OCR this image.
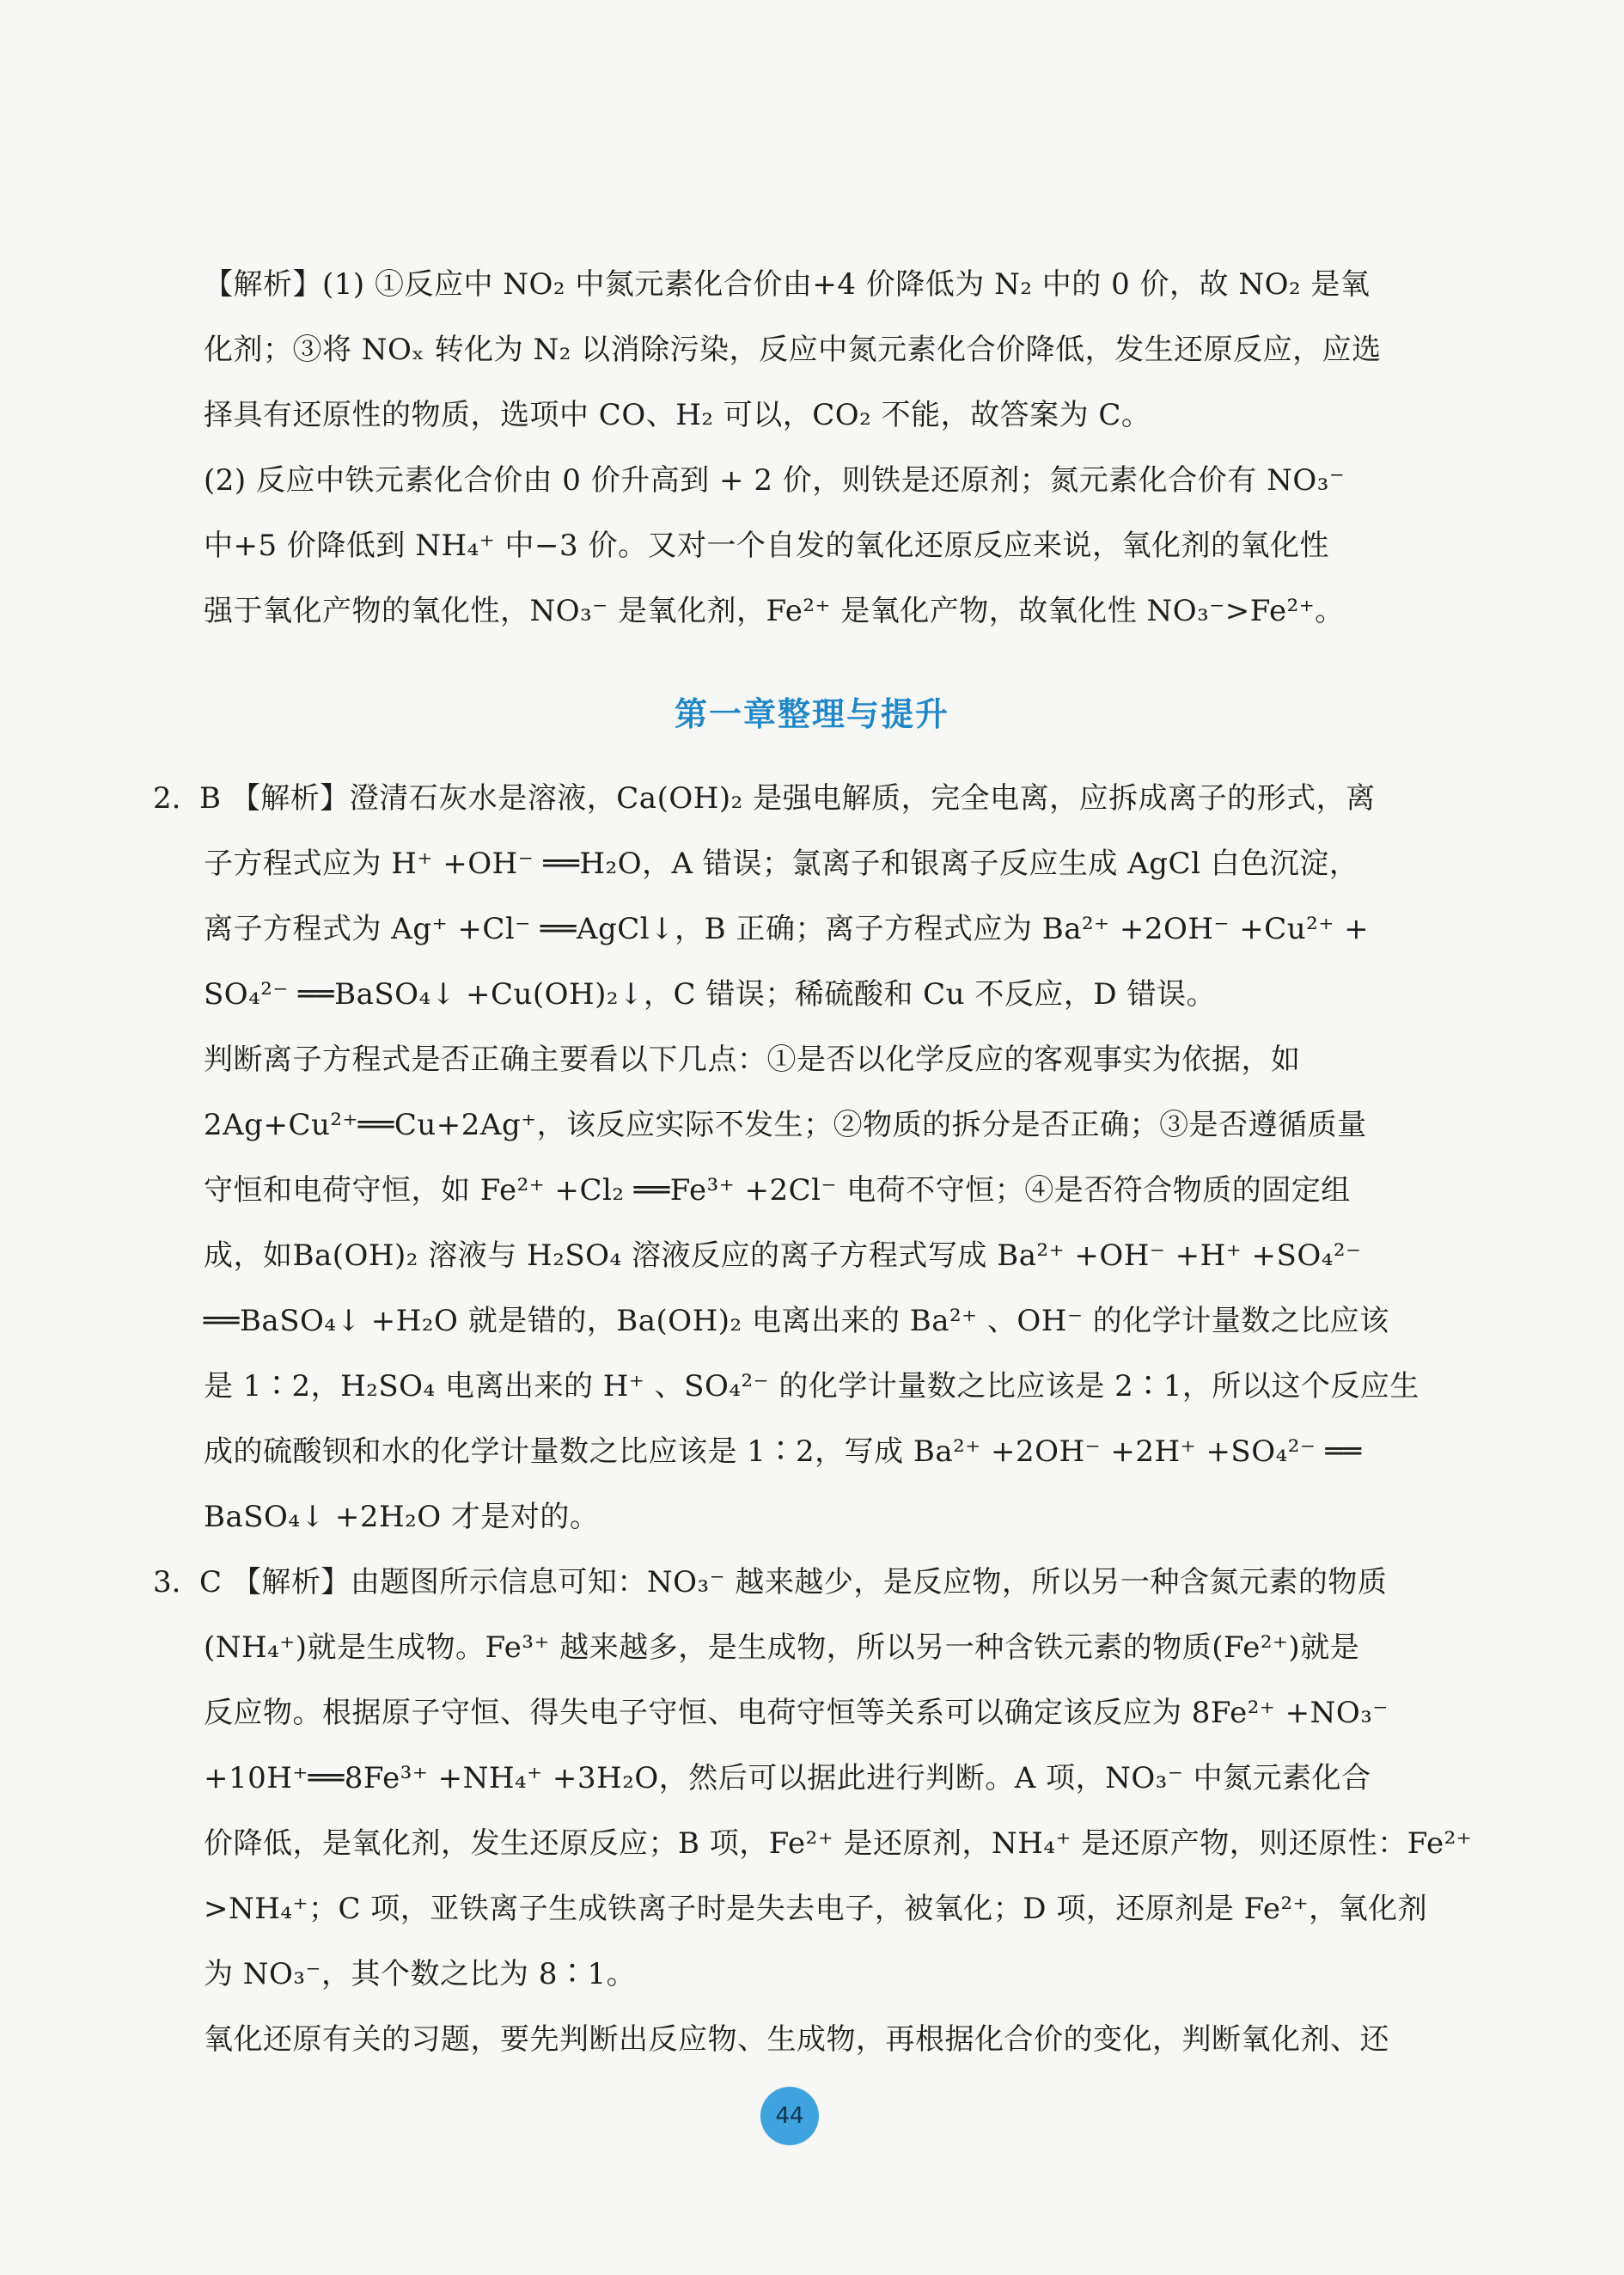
【解析】(1) ①反应中 NO₂ 中氮元素化合价由+4 价降低为 N₂ 中的 0 价，故 NO₂ 是氧
化剂；③将 NOₓ 转化为 N₂ 以消除污染，反应中氮元素化合价降低，发生还原反应，应选
择具有还原性的物质，选项中 CO、H₂ 可以，CO₂ 不能，故答案为 C。
(2) 反应中铁元素化合价由 0 价升高到 + 2 价，则铁是还原剂；氮元素化合价有 NO₃⁻
中+5 价降低到 NH₄⁺ 中−3 价。又对一个自发的氧化还原反应来说，氧化剂的氧化性
强于氧化产物的氧化性，NO₃⁻ 是氧化剂，Fe²⁺ 是氧化产物，故氧化性 NO₃⁻>Fe²⁺。
第一章整理与提升
2. B 【解析】澄清石灰水是溶液，Ca(OH)₂ 是强电解质，完全电离，应拆成离子的形式，离
子方程式应为 H⁺ +OH⁻ ══H₂O，A 错误；氯离子和银离子反应生成 AgCl 白色沉淀，
离子方程式为 Ag⁺ +Cl⁻ ══AgCl↓，B 正确；离子方程式应为 Ba²⁺ +2OH⁻ +Cu²⁺ +
SO₄²⁻ ══BaSO₄↓ +Cu(OH)₂↓，C 错误；稀硫酸和 Cu 不反应，D 错误。
判断离子方程式是否正确主要看以下几点：①是否以化学反应的客观事实为依据，如
2Ag+Cu²⁺══Cu+2Ag⁺，该反应实际不发生；②物质的拆分是否正确；③是否遵循质量
守恒和电荷守恒，如 Fe²⁺ +Cl₂ ══Fe³⁺ +2Cl⁻ 电荷不守恒；④是否符合物质的固定组
成，如Ba(OH)₂ 溶液与 H₂SO₄ 溶液反应的离子方程式写成 Ba²⁺ +OH⁻ +H⁺ +SO₄²⁻
══BaSO₄↓ +H₂O 就是错的，Ba(OH)₂ 电离出来的 Ba²⁺ 、OH⁻ 的化学计量数之比应该
是 1∶2，H₂SO₄ 电离出来的 H⁺ 、SO₄²⁻ 的化学计量数之比应该是 2∶1，所以这个反应生
成的硫酸钡和水的化学计量数之比应该是 1∶2，写成 Ba²⁺ +2OH⁻ +2H⁺ +SO₄²⁻ ══
BaSO₄↓ +2H₂O 才是对的。
3. C 【解析】由题图所示信息可知：NO₃⁻ 越来越少，是反应物，所以另一种含氮元素的物质
(NH₄⁺)就是生成物。Fe³⁺ 越来越多，是生成物，所以另一种含铁元素的物质(Fe²⁺)就是
反应物。根据原子守恒、得失电子守恒、电荷守恒等关系可以确定该反应为 8Fe²⁺ +NO₃⁻
+10H⁺══8Fe³⁺ +NH₄⁺ +3H₂O，然后可以据此进行判断。A 项，NO₃⁻ 中氮元素化合
价降低，是氧化剂，发生还原反应；B 项，Fe²⁺ 是还原剂，NH₄⁺ 是还原产物，则还原性：Fe²⁺
>NH₄⁺；C 项，亚铁离子生成铁离子时是失去电子，被氧化；D 项，还原剂是 Fe²⁺，氧化剂
为 NO₃⁻，其个数之比为 8∶1。
氧化还原有关的习题，要先判断出反应物、生成物，再根据化合价的变化，判断氧化剂、还
44
